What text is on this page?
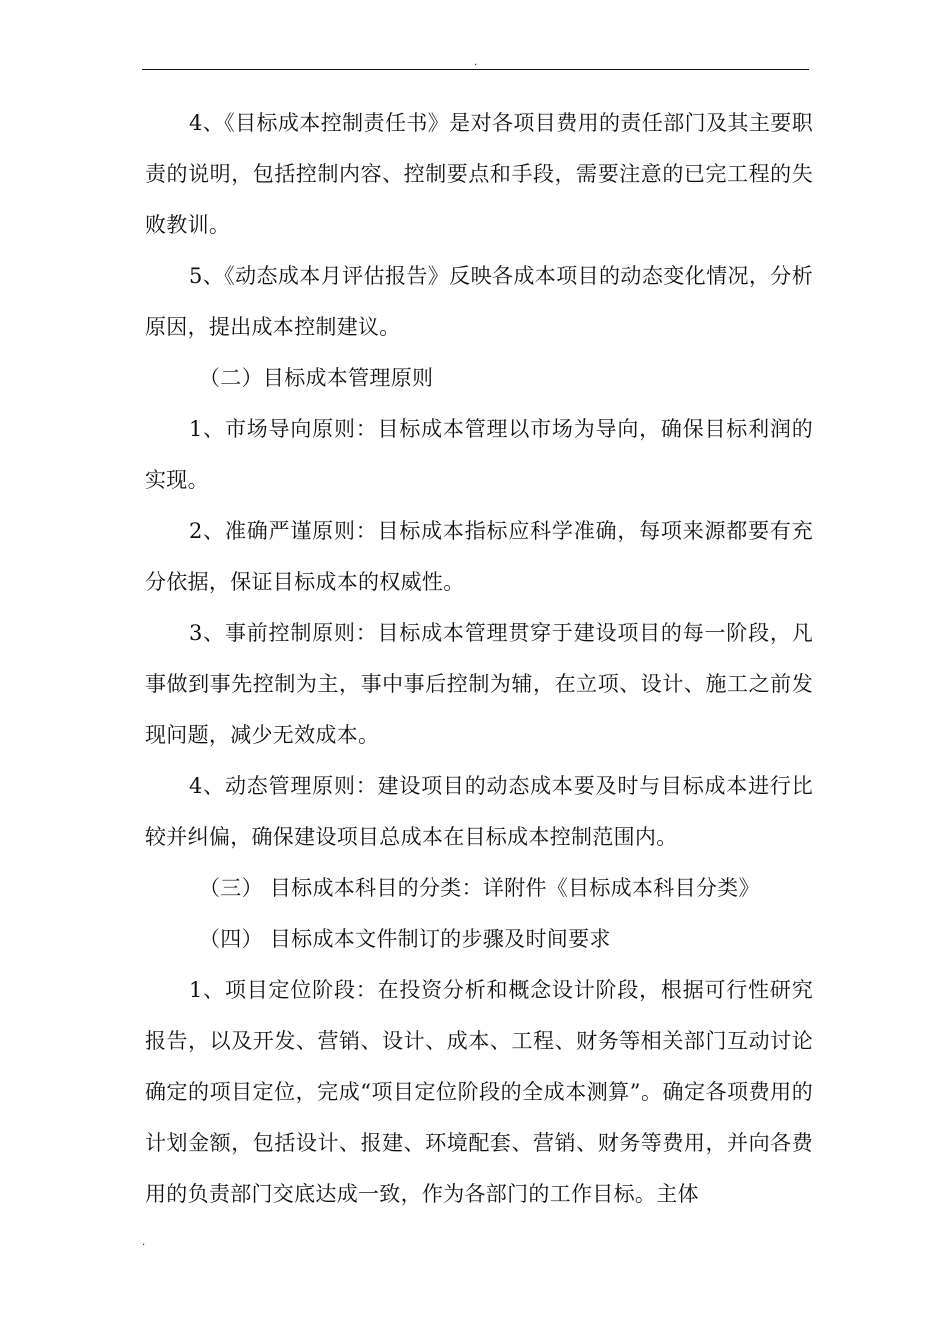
.

4、《目标成本控制责任书》是对各项目费用的责任部门及其主要职责的说明，包括控制内容、控制要点和手段，需要注意的已完工程的失败教训。

5、《动态成本月评估报告》反映各成本项目的动态变化情况，分析原因，提出成本控制建议。

（二）目标成本管理原则

1、市场导向原则：目标成本管理以市场为导向，确保目标利润的实现。

2、准确严谨原则：目标成本指标应科学准确，每项来源都要有充分依据，保证目标成本的权威性。

3、事前控制原则：目标成本管理贯穿于建设项目的每一阶段，凡事做到事先控制为主，事中事后控制为辅，在立项、设计、施工之前发现问题，减少无效成本。

4、动态管理原则：建设项目的动态成本要及时与目标成本进行比较并纠偏，确保建设项目总成本在目标成本控制范围内。

（三） 目标成本科目的分类：详附件《目标成本科目分类》

（四） 目标成本文件制订的步骤及时间要求

1、项目定位阶段：在投资分析和概念设计阶段，根据可行性研究报告，以及开发、营销、设计、成本、工程、财务等相关部门互动讨论确定的项目定位，完成“项目定位阶段的全成本测算”。确定各项费用的计划金额，包括设计、报建、环境配套、营销、财务等费用，并向各费用的负责部门交底达成一致，作为各部门的工作目标。主体

.
